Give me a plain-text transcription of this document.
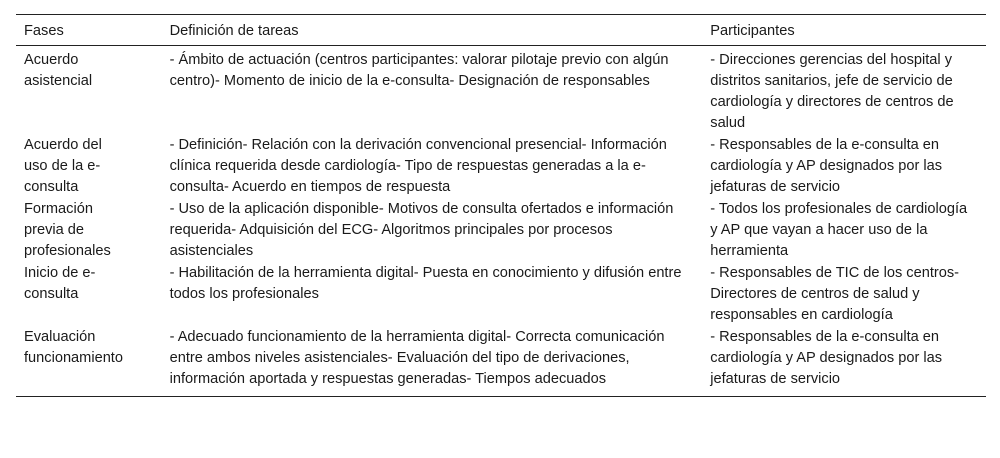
Fases	Definición de tareas	Participantes

Acuerdo asistencial	- Ámbito de actuación (centros participantes: valorar pilotaje previo con algún centro)- Momento de inicio de la e-consulta- Designación de responsables	- Direcciones gerencias del hospital y distritos sanitarios, jefe de servicio de cardiología y directores de centros de salud

Acuerdo del uso de la e-consulta	- Definición- Relación con la derivación convencional presencial- Información clínica requerida desde cardiología- Tipo de respuestas generadas a la e-consulta- Acuerdo en tiempos de respuesta	- Responsables de la e-consulta en cardiología y AP designados por las jefaturas de servicio

Formación previa de profesionales	- Uso de la aplicación disponible- Motivos de consulta ofertados e información requerida- Adquisición del ECG- Algoritmos principales por procesos asistenciales	- Todos los profesionales de cardiología y AP que vayan a hacer uso de la herramienta

Inicio de e-consulta	- Habilitación de la herramienta digital- Puesta en conocimiento y difusión entre todos los profesionales	- Responsables de TIC de los centros- Directores de centros de salud y responsables en cardiología

Evaluación funcionamiento	- Adecuado funcionamiento de la herramienta digital- Correcta comunicación entre ambos niveles asistenciales- Evaluación del tipo de derivaciones, información aportada y respuestas generadas- Tiempos adecuados	- Responsables de la e-consulta en cardiología y AP designados por las jefaturas de servicio
